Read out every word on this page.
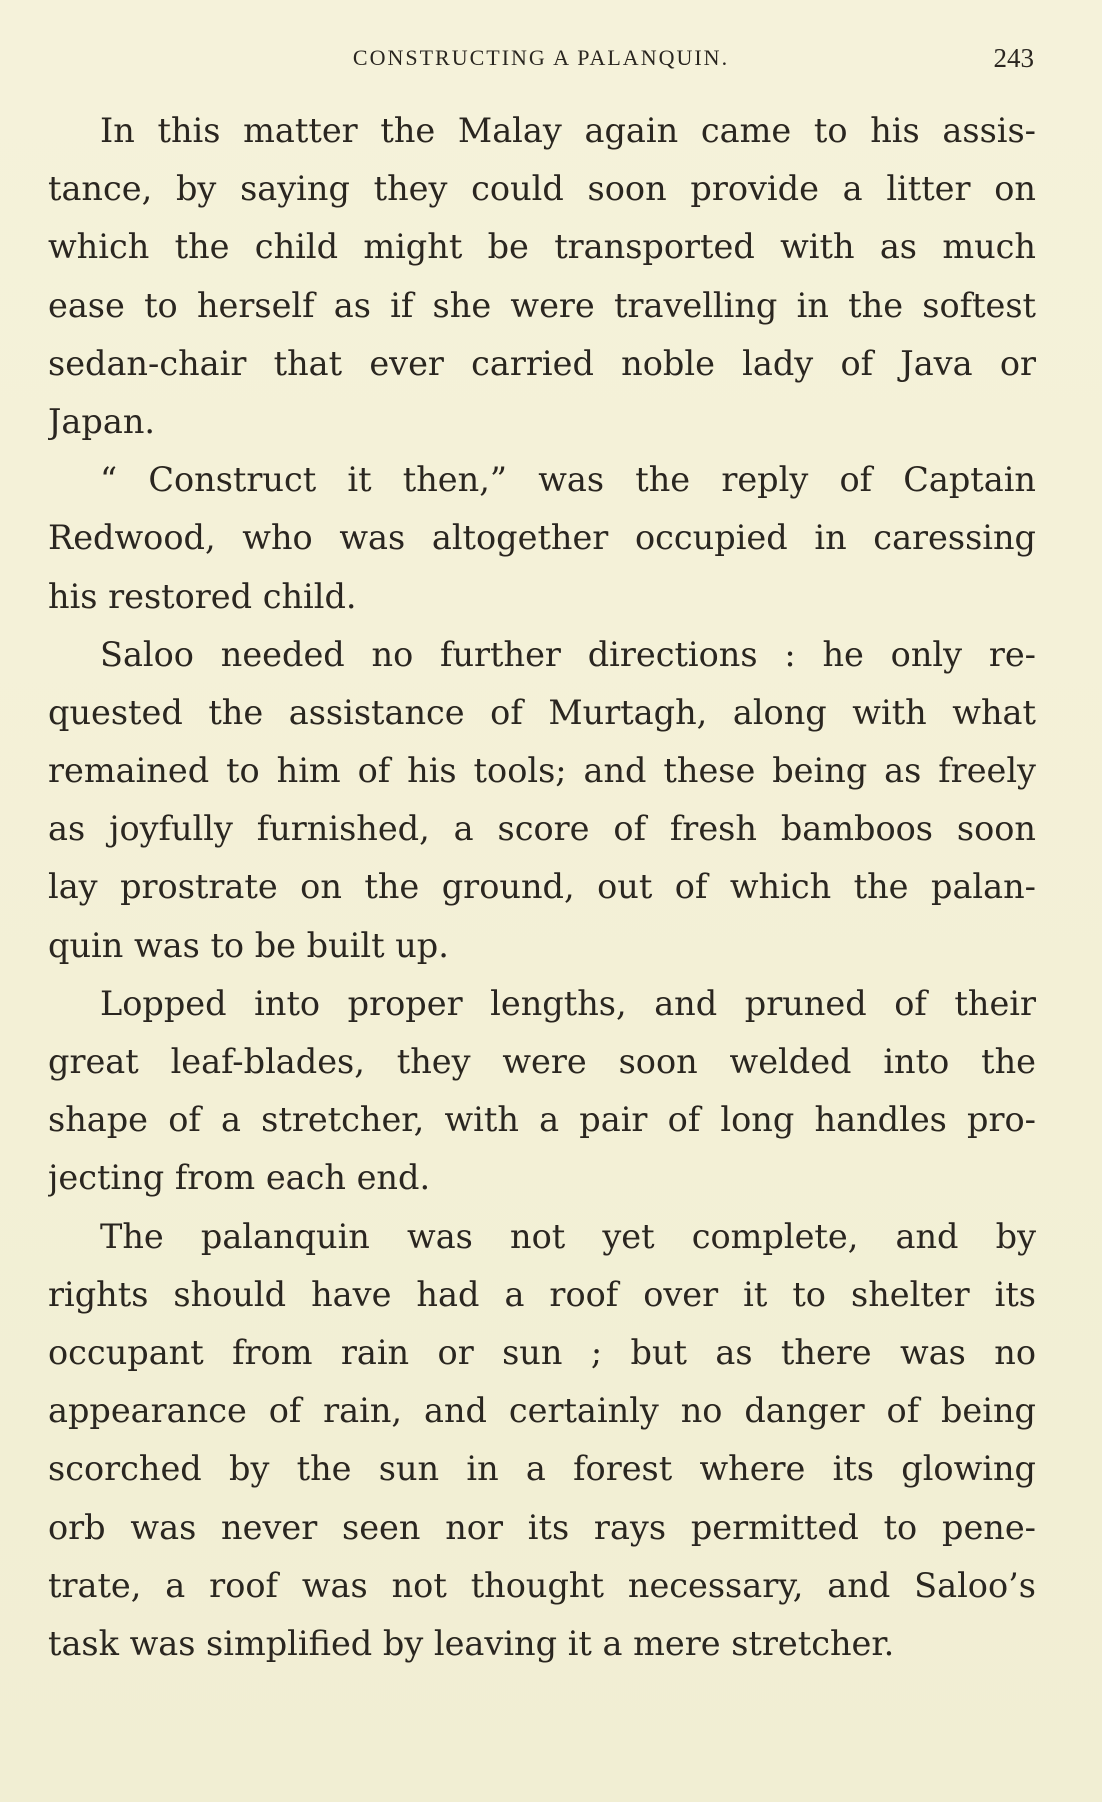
CONSTRUCTING A PALANQUIN.	243
In this matter the Malay again came to his assis-
tance, by saying they could soon provide a litter on
which the child might be transported with as much
ease to herself as if she were travelling in the softest
sedan-chair that ever carried noble lady of Java or
Japan.
“ Construct it then,” was the reply of Captain
Redwood, who was altogether occupied in caressing
his restored child.
Saloo needed no further directions : he only re-
quested the assistance of Murtagh, along with what
remained to him of his tools; and these being as freely
as joyfully furnished, a score of fresh bamboos soon
lay prostrate on the ground, out of which the palan-
quin was to be built up.
Lopped into proper lengths, and pruned of their
great leaf-blades, they were soon welded into the
shape of a stretcher, with a pair of long handles pro-
jecting from each end.
The palanquin was not yet complete, and by
rights should have had a roof over it to shelter its
occupant from rain or sun ; but as there was no
appearance of rain, and certainly no danger of being
scorched by the sun in a forest where its glowing
orb was never seen nor its rays permitted to pene-
trate, a roof was not thought necessary, and Saloo’s
task was simplified by leaving it a mere stretcher.
